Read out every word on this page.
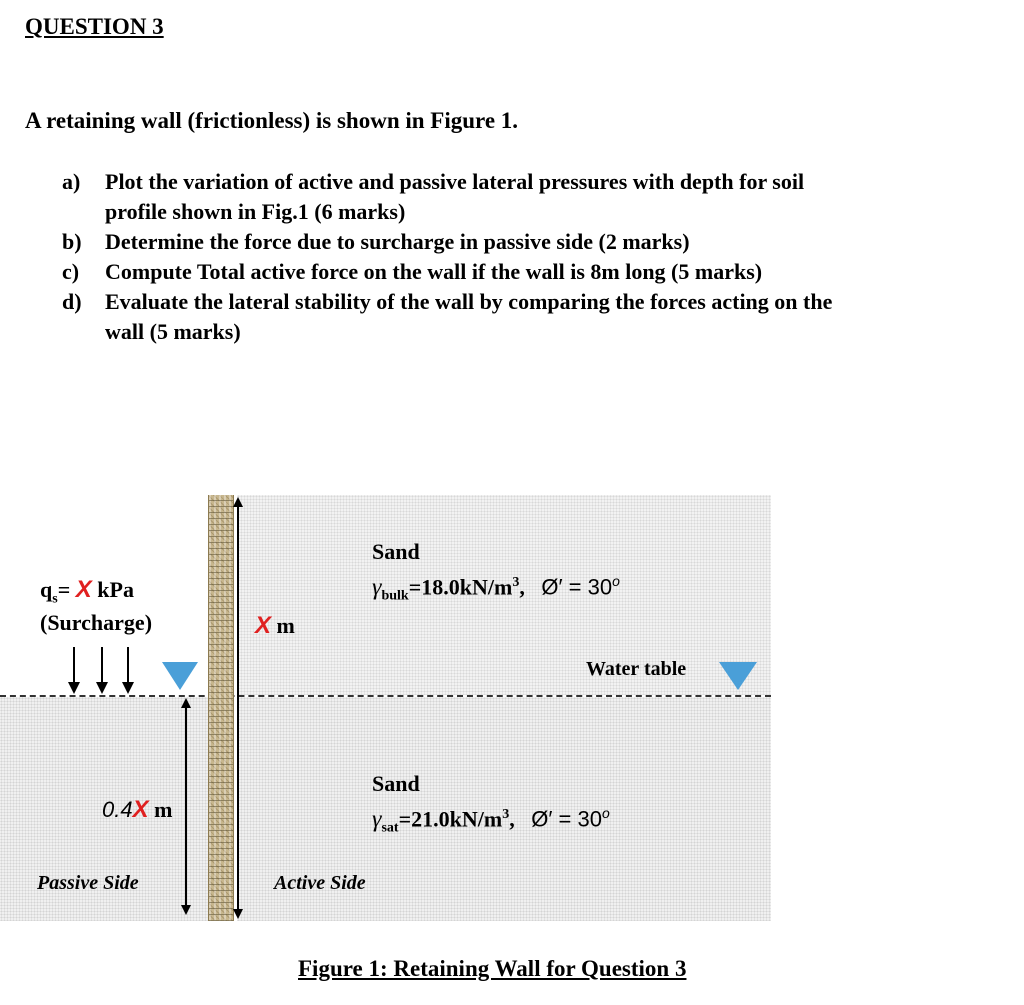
QUESTION 3
A retaining wall (frictionless) is shown in Figure 1.
a)	Plot the variation of active and passive lateral pressures with depth for soil
profile shown in Fig.1 (6 marks)
b)	Determine the force due to surcharge in passive side (2 marks)
c)	Compute Total active force on the wall if the wall is 8m long (5 marks)
d)	Evaluate the lateral stability of the wall by comparing the forces acting on the
wall (5 marks)
Sand
$\gamma_{bulk}=18.0kN/m^3$, Ø′ = $30^o$
$q_s= X$ kPa
(Surcharge)	X m
Water table
Sand
$\gamma_{sat}=21.0kN/m^3$, Ø′ = $30^o$
0.4X m
Passive Side	Active Side
Figure 1: Retaining Wall for Question 3
